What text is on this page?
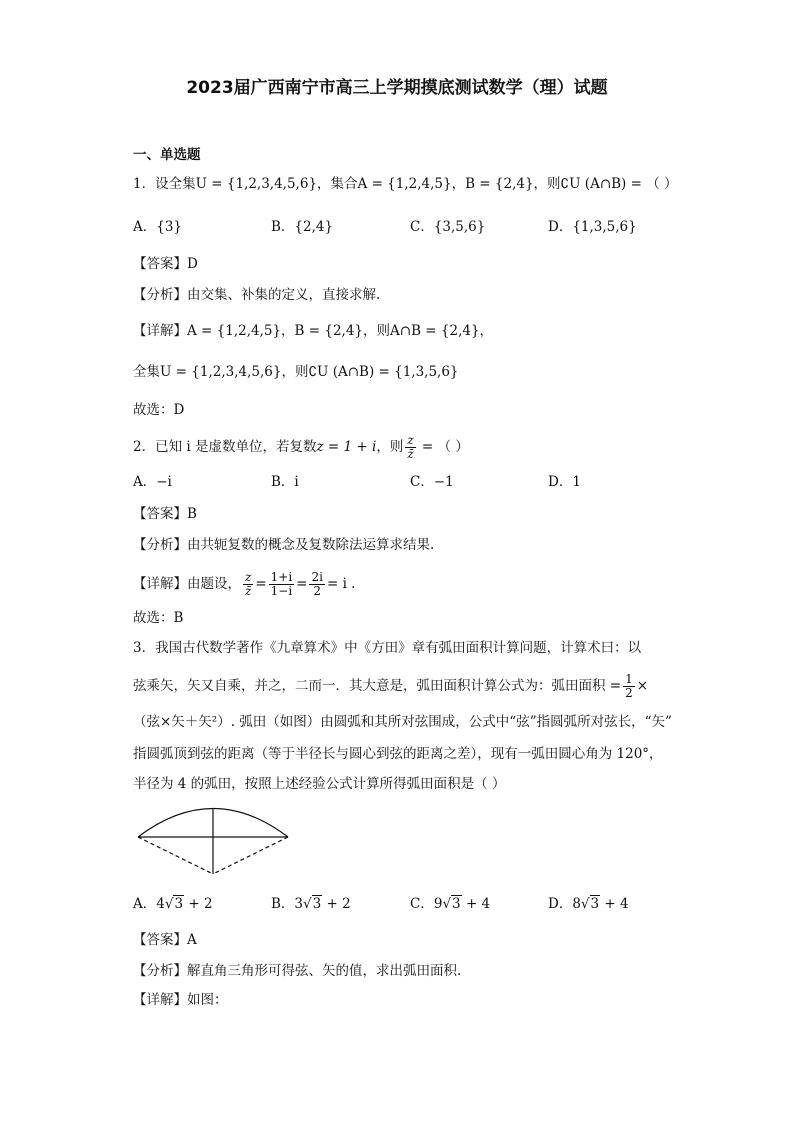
2023届广西南宁市高三上学期摸底测试数学（理）试题
一、单选题
1．设全集U = {1,2,3,4,5,6}，集合A = {1,2,4,5}，B = {2,4}，则∁U (A∩B) = （ ）
A．{3}	B．{2,4}	C．{3,5,6}	D．{1,3,5,6}
【答案】D
【分析】由交集、补集的定义，直接求解.
【详解】A = {1,2,4,5}，B = {2,4}，则A∩B = {2,4}，
全集U = {1,2,3,4,5,6}，则∁U (A∩B) = {1,3,5,6}
故选：D
2．已知 i 是虚数单位，若复数z = 1 + i，则 $\frac{z}{z̄}$ = （ ）
A．−i	B．i	C．−1	D．1
【答案】B
【分析】由共轭复数的概念及复数除法运算求结果.
【详解】由题设， $\frac{z}{z̄} = \frac{1+i}{1-i} = \frac{2i}{2} = i$ .
故选：B
3．我国古代数学著作《九章算术》中《方田》章有弧田面积计算问题，计算术曰：以
弦乘矢，矢又自乘，并之，二而一．其大意是，弧田面积计算公式为：弧田面积 = $\frac{1}{2}$ ×
（弦×矢＋矢²）. 弧田（如图）由圆弧和其所对弦围成，公式中“弦”指圆弧所对弦长，“矢”
指圆弧顶到弦的距离（等于半径长与圆心到弦的距离之差），现有一弧田圆心角为 120°，
半径为 4 的弧田，按照上述经验公式计算所得弧田面积是（ ）
A．4√3 + 2	B．3√3 + 2	C．9√3 + 4	D．8√3 + 4
【答案】A
【分析】解直角三角形可得弦、矢的值，求出弧田面积.
【详解】如图：
